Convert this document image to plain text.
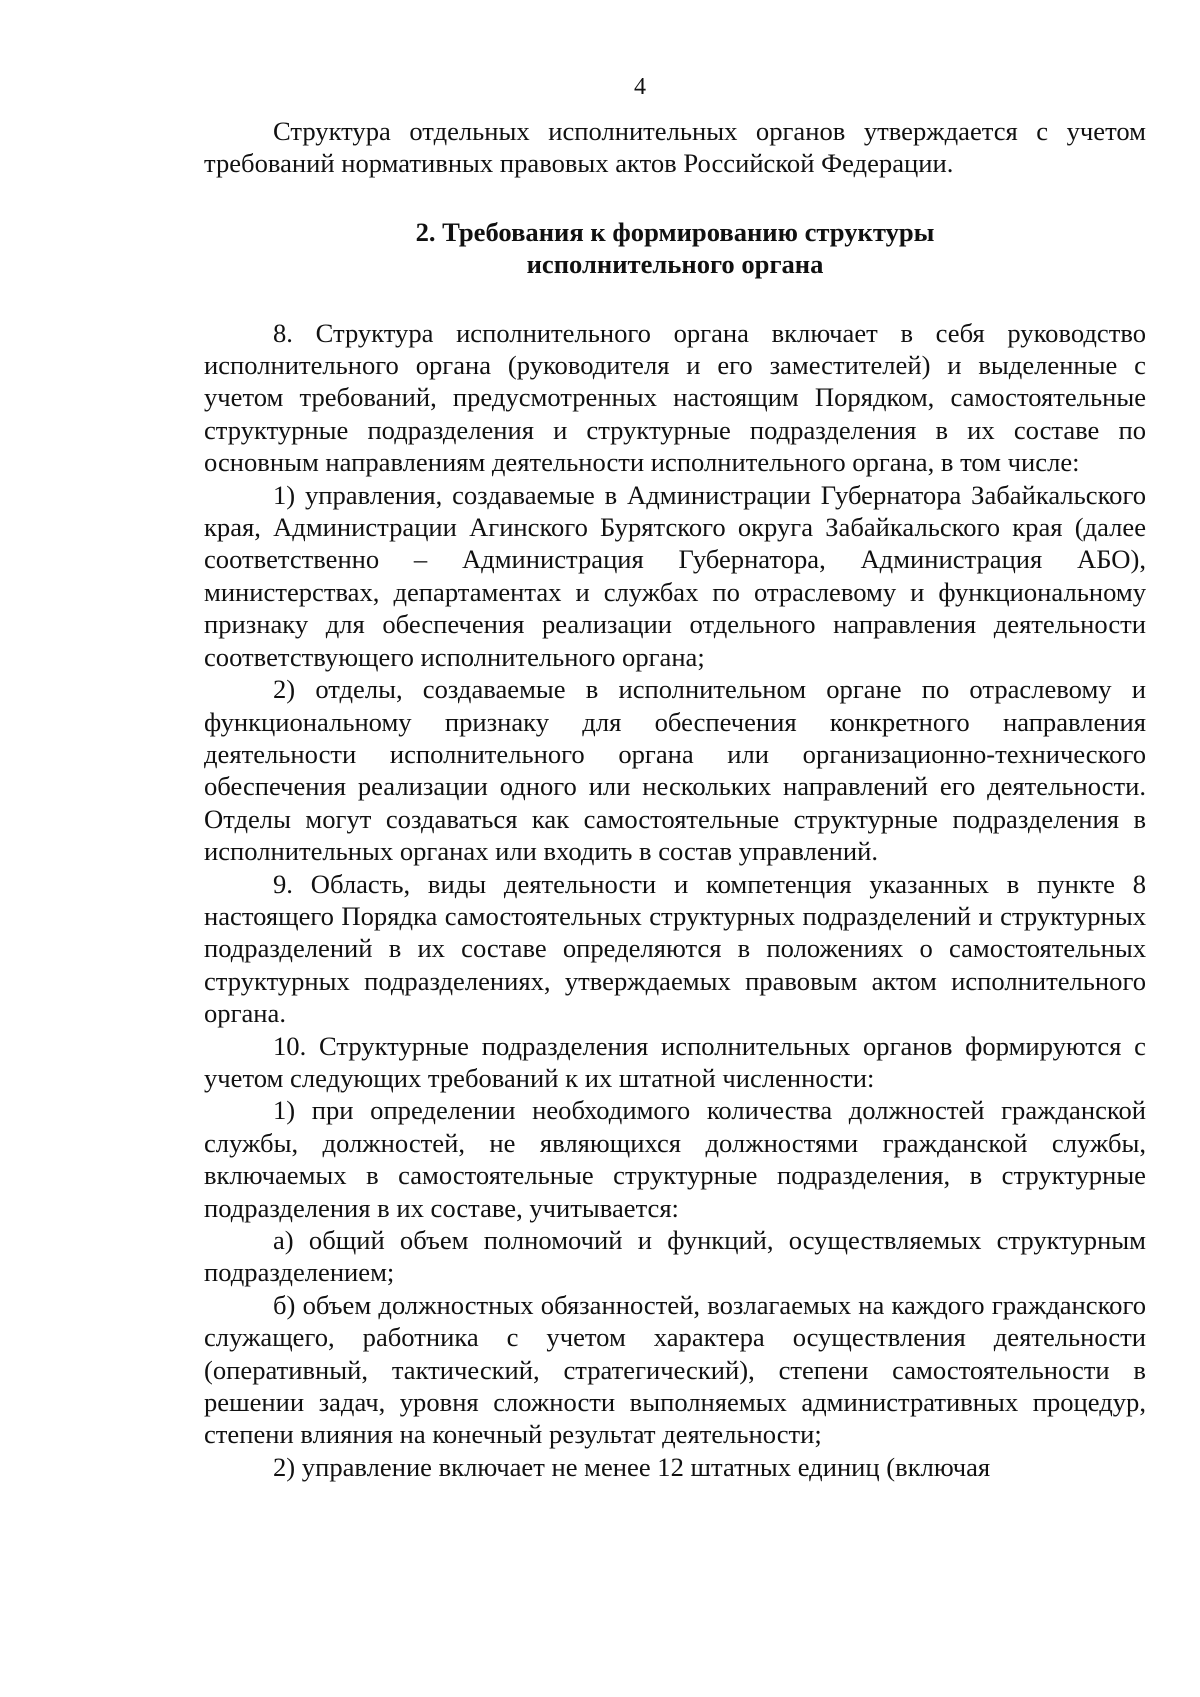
4

Структура отдельных исполнительных органов утверждается с учетом требований нормативных правовых актов Российской Федерации.

2. Требования к формированию структуры
исполнительного органа

8. Структура исполнительного органа включает в себя руководство исполнительного органа (руководителя и его заместителей) и выделенные с учетом требований, предусмотренных настоящим Порядком, самостоятельные структурные подразделения и структурные подразделения в их составе по основным направлениям деятельности исполнительного органа, в том числе:

1) управления, создаваемые в Администрации Губернатора Забайкальского края, Администрации Агинского Бурятского округа Забайкальского края (далее соответственно – Администрация Губернатора, Администрация АБО), министерствах, департаментах и службах по отраслевому и функциональному признаку для обеспечения реализации отдельного направления деятельности соответствующего исполнительного органа;

2) отделы, создаваемые в исполнительном органе по отраслевому и функциональному признаку для обеспечения конкретного направления деятельности исполнительного органа или организационно-технического обеспечения реализации одного или нескольких направлений его деятельности. Отделы могут создаваться как самостоятельные структурные подразделения в исполнительных органах или входить в состав управлений.

9. Область, виды деятельности и компетенция указанных в пункте 8 настоящего Порядка самостоятельных структурных подразделений и структурных подразделений в их составе определяются в положениях о самостоятельных структурных подразделениях, утверждаемых правовым актом исполнительного органа.

10. Структурные подразделения исполнительных органов формируются с учетом следующих требований к их штатной численности:

1) при определении необходимого количества должностей гражданской службы, должностей, не являющихся должностями гражданской службы, включаемых в самостоятельные структурные подразделения, в структурные подразделения в их составе, учитывается:

а) общий объем полномочий и функций, осуществляемых структурным подразделением;

б) объем должностных обязанностей, возлагаемых на каждого гражданского служащего, работника с учетом характера осуществления деятельности (оперативный, тактический, стратегический), степени самостоятельности в решении задач, уровня сложности выполняемых административных процедур, степени влияния на конечный результат деятельности;

2) управление включает не менее 12 штатных единиц (включая
